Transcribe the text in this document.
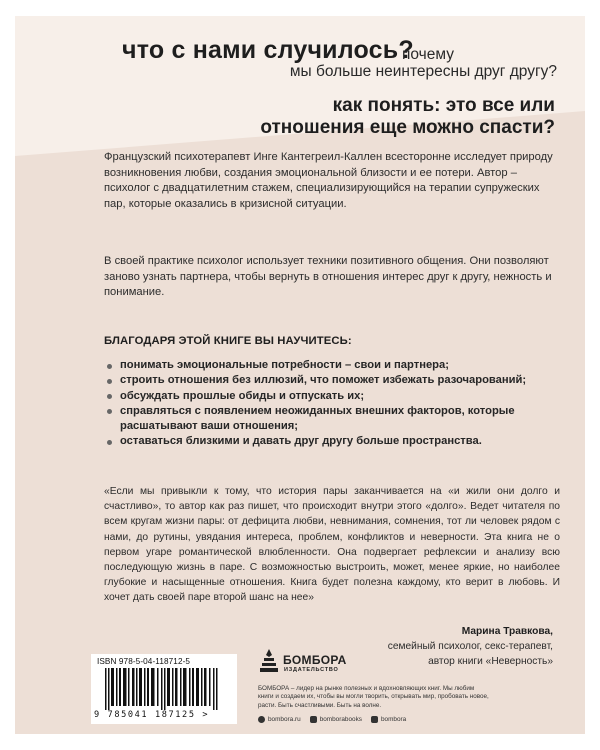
что с нами случилось?
почему
мы больше неинтересны друг другу?
как понять: это все или отношения еще можно спасти?
Французский психотерапевт Инге Кантегреил-Каллен всесторонне исследует природу возникновения любви, создания эмоциональной близости и ее потери. Автор – психолог с двадцатилетним стажем, специализирующийся на терапии супружеских пар, которые оказались в кризисной ситуации.
В своей практике психолог использует техники позитивного общения. Они позволяют заново узнать партнера, чтобы вернуть в отношения интерес друг к другу, нежность и понимание.
БЛАГОДАРЯ ЭТОЙ КНИГЕ ВЫ НАУЧИТЕСЬ:
понимать эмоциональные потребности – свои и партнера;
строить отношения без иллюзий, что поможет избежать разочарований;
обсуждать прошлые обиды и отпускать их;
справляться с появлением неожиданных внешних факторов, которые расшатывают ваши отношения;
оставаться близкими и давать друг другу больше пространства.
«Если мы привыкли к тому, что история пары заканчивается на «и жили они долго и счастливо», то автор как раз пишет, что происходит внутри этого «долго». Ведет читателя по всем кругам жизни пары: от дефицита любви, невнимания, сомнения, тот ли человек рядом с нами, до рутины, увядания интереса, проблем, конфликтов и неверности. Эта книга не о первом угаре романтической влюбленности. Она подвергает рефлексии и анализу всю последующую жизнь в паре. С возможностью выстроить, может, менее яркие, но наиболее глубокие и насыщенные отношения. Книга будет полезна каждому, кто верит в любовь. И хочет дать своей паре второй шанс на нее»
Марина Травкова,
семейный психолог, секс-терапевт,
автор книги «Неверность»
ISBN 978-5-04-118712-5
9 785041 187125 >
БОМБОРА
ИЗДАТЕЛЬСТВО
БОМБОРА – лидер на рынке полезных и вдохновляющих книг. Мы любим книги и создаем их, чтобы вы могли творить, открывать мир, пробовать новое, расти. Быть счастливыми. Быть на волне.
bombora.ru	bomborabooks	bombora
